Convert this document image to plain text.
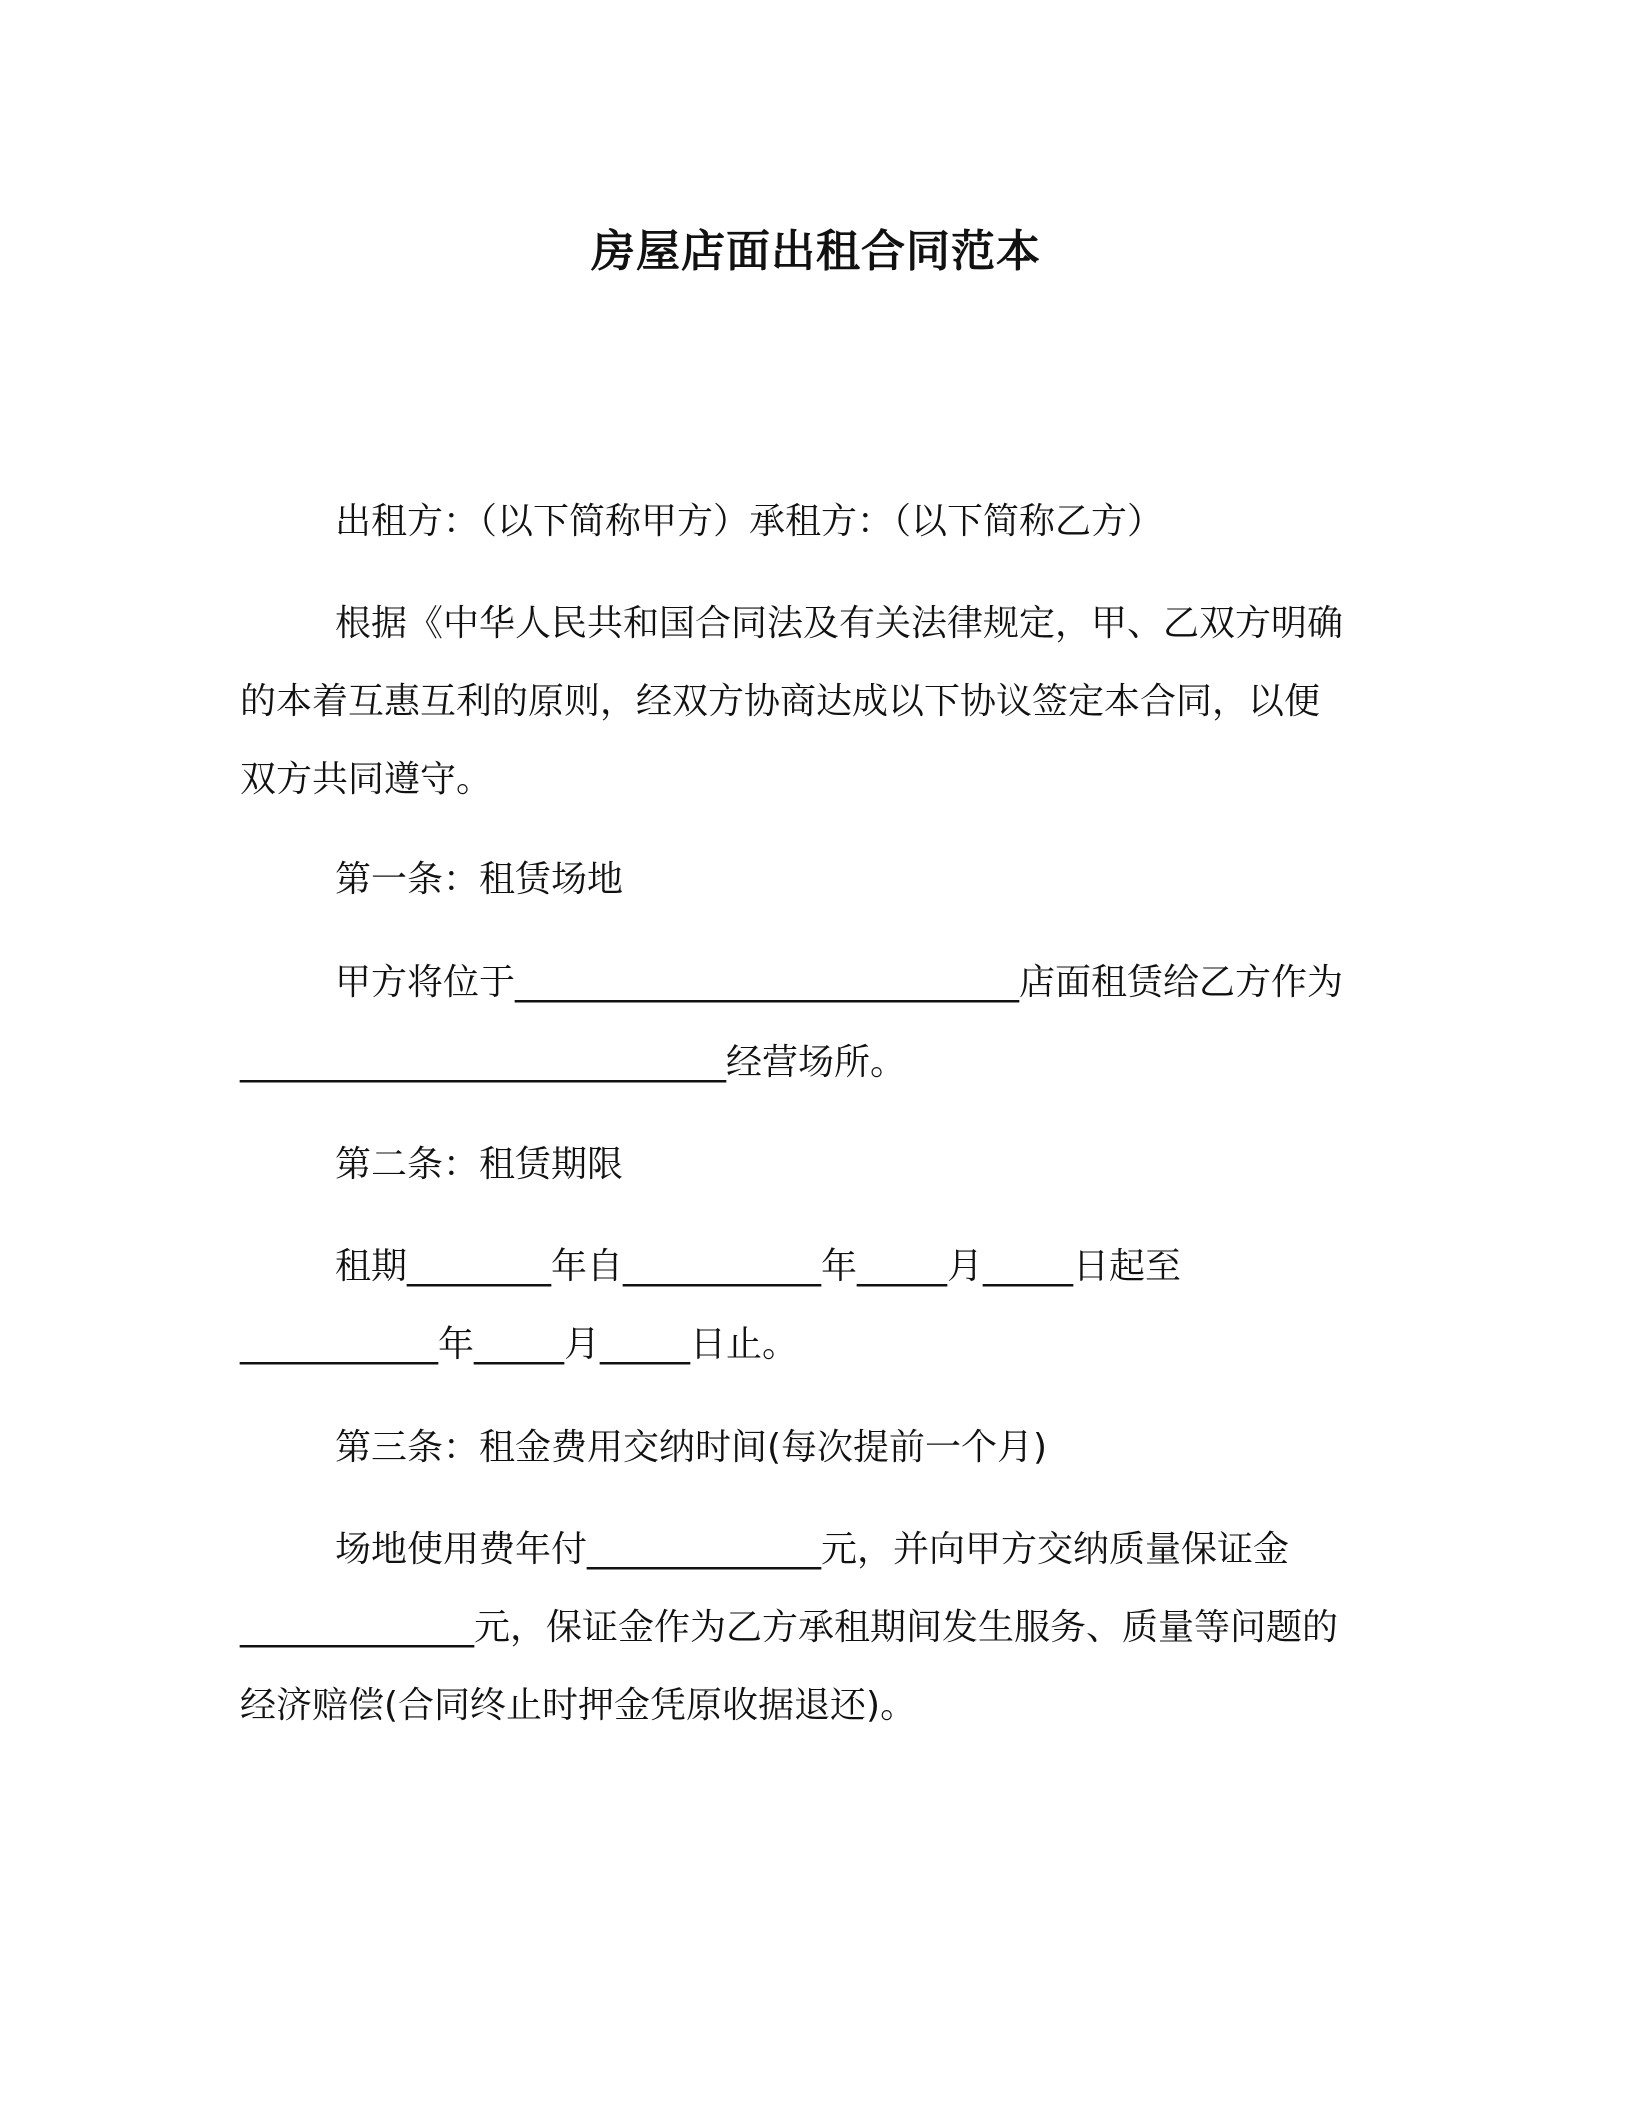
房屋店面出租合同范本
出租方：（以下简称甲方）承租方：（以下简称乙方）
根据《中华人民共和国合同法及有关法律规定，甲、乙双方明确
的本着互惠互利的原则，经双方协商达成以下协议签定本合同，以便
双方共同遵守。
第一条：租赁场地
甲方将位于____________________________店面租赁给乙方作为
___________________________经营场所。
第二条：租赁期限
租期________年自___________年_____月_____日起至
___________年_____月_____日止。
第三条：租金费用交纳时间(每次提前一个月)
场地使用费年付_____________元，并向甲方交纳质量保证金
_____________元，保证金作为乙方承租期间发生服务、质量等问题的
经济赔偿(合同终止时押金凭原收据退还)。
